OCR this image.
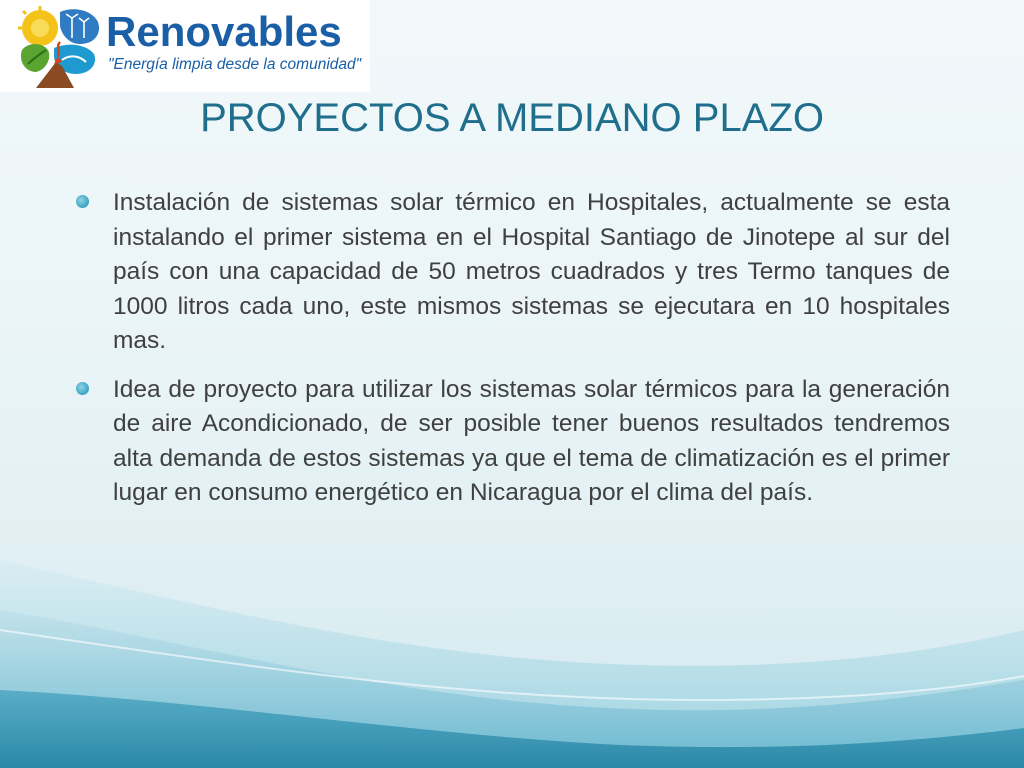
Renovables
"Energía limpia desde la comunidad"
PROYECTOS A MEDIANO PLAZO
Instalación de sistemas solar térmico en Hospitales, actualmente se esta instalando el primer sistema en el Hospital Santiago de Jinotepe al sur del país con una capacidad de 50 metros cuadrados y tres Termo tanques de 1000 litros cada uno, este mismos sistemas se ejecutara en 10 hospitales mas.
Idea de proyecto para utilizar los sistemas solar térmicos para la generación de aire Acondicionado, de ser posible tener buenos resultados tendremos alta demanda de estos sistemas ya que el tema de climatización es el primer lugar en consumo energético en Nicaragua por el clima del país.
